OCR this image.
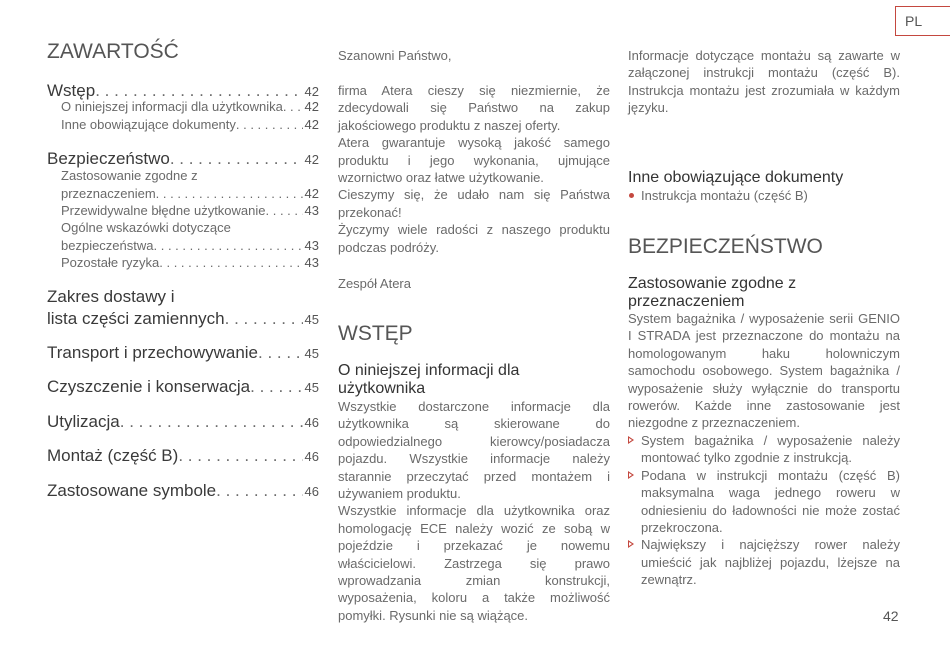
PL
42
ZAWARTOŚĆ
Wstęp . . .	42
O niniejszej informacji dla użytkownika . . . 42
Inne obowiązujące dokumenty . . .	42
Bezpieczeństwo . . .	42
Zastosowanie zgodne z
przeznaczeniem . . .	42
Przewidywalne błędne użytkowanie . . .	43
Ogólne wskazówki dotyczące
bezpieczeństwa . . .	43
Pozostałe ryzyka . . .	43
Zakres dostawy i
lista części zamiennych . . .	45
Transport i przechowywanie . . .	45
Czyszczenie i konserwacja . . .	45
Utylizacja . . .	46
Montaż (część B) . . .	46
Zastosowane symbole . . .	46

Szanowni Państwo,

firma Atera cieszy się niezmiernie, że zdecydowali się Państwo na zakup jakościowego produktu z naszej oferty.
Atera gwarantuje wysoką jakość samego produktu i jego wykonania, ujmujące wzornictwo oraz łatwe użytkowanie.
Cieszymy się, że udało nam się Państwa przekonać!
Życzymy wiele radości z naszego produktu podczas podróży.

Zespół Atera

WSTĘP
O niniejszej informacji dla użytkownika
Wszystkie dostarczone informacje dla użytkownika są skierowane do odpowiedzialnego kierowcy/posiadacza pojazdu. Wszystkie informacje należy starannie przeczytać przed montażem i używaniem produktu.
Wszystkie informacje dla użytkownika oraz homologację ECE należy wozić ze sobą w pojeździe i przekazać je nowemu właścicielowi. Zastrzega się prawo wprowadzania zmian konstrukcji, wyposażenia, koloru a także możliwość pomyłki. Rysunki nie są wiążące.
Informacje dotyczące montażu są zawarte w załączonej instrukcji montażu (część B). Instrukcja montażu jest zrozumiała w każdym języku.
Inne obowiązujące dokumenty
Instrukcja montażu (część B)
BEZPIECZEŃSTWO
Zastosowanie zgodne z przeznaczeniem
System bagażnika / wyposażenie serii GENIO I STRADA jest przeznaczone do montażu na homologowanym haku holowniczym samochodu osobowego. System bagażnika / wyposażenie służy wyłącznie do transportu rowerów. Każde inne zastosowanie jest niezgodne z przeznaczeniem.
System bagażnika / wyposażenie należy montować tylko zgodnie z instrukcją.
Podana w instrukcji montażu (część B) maksymalna waga jednego roweru w odniesieniu do ładowności nie może zostać przekroczona.
Największy i najcięższy rower należy umieścić jak najbliżej pojazdu, lżejsze na zewnątrz.
